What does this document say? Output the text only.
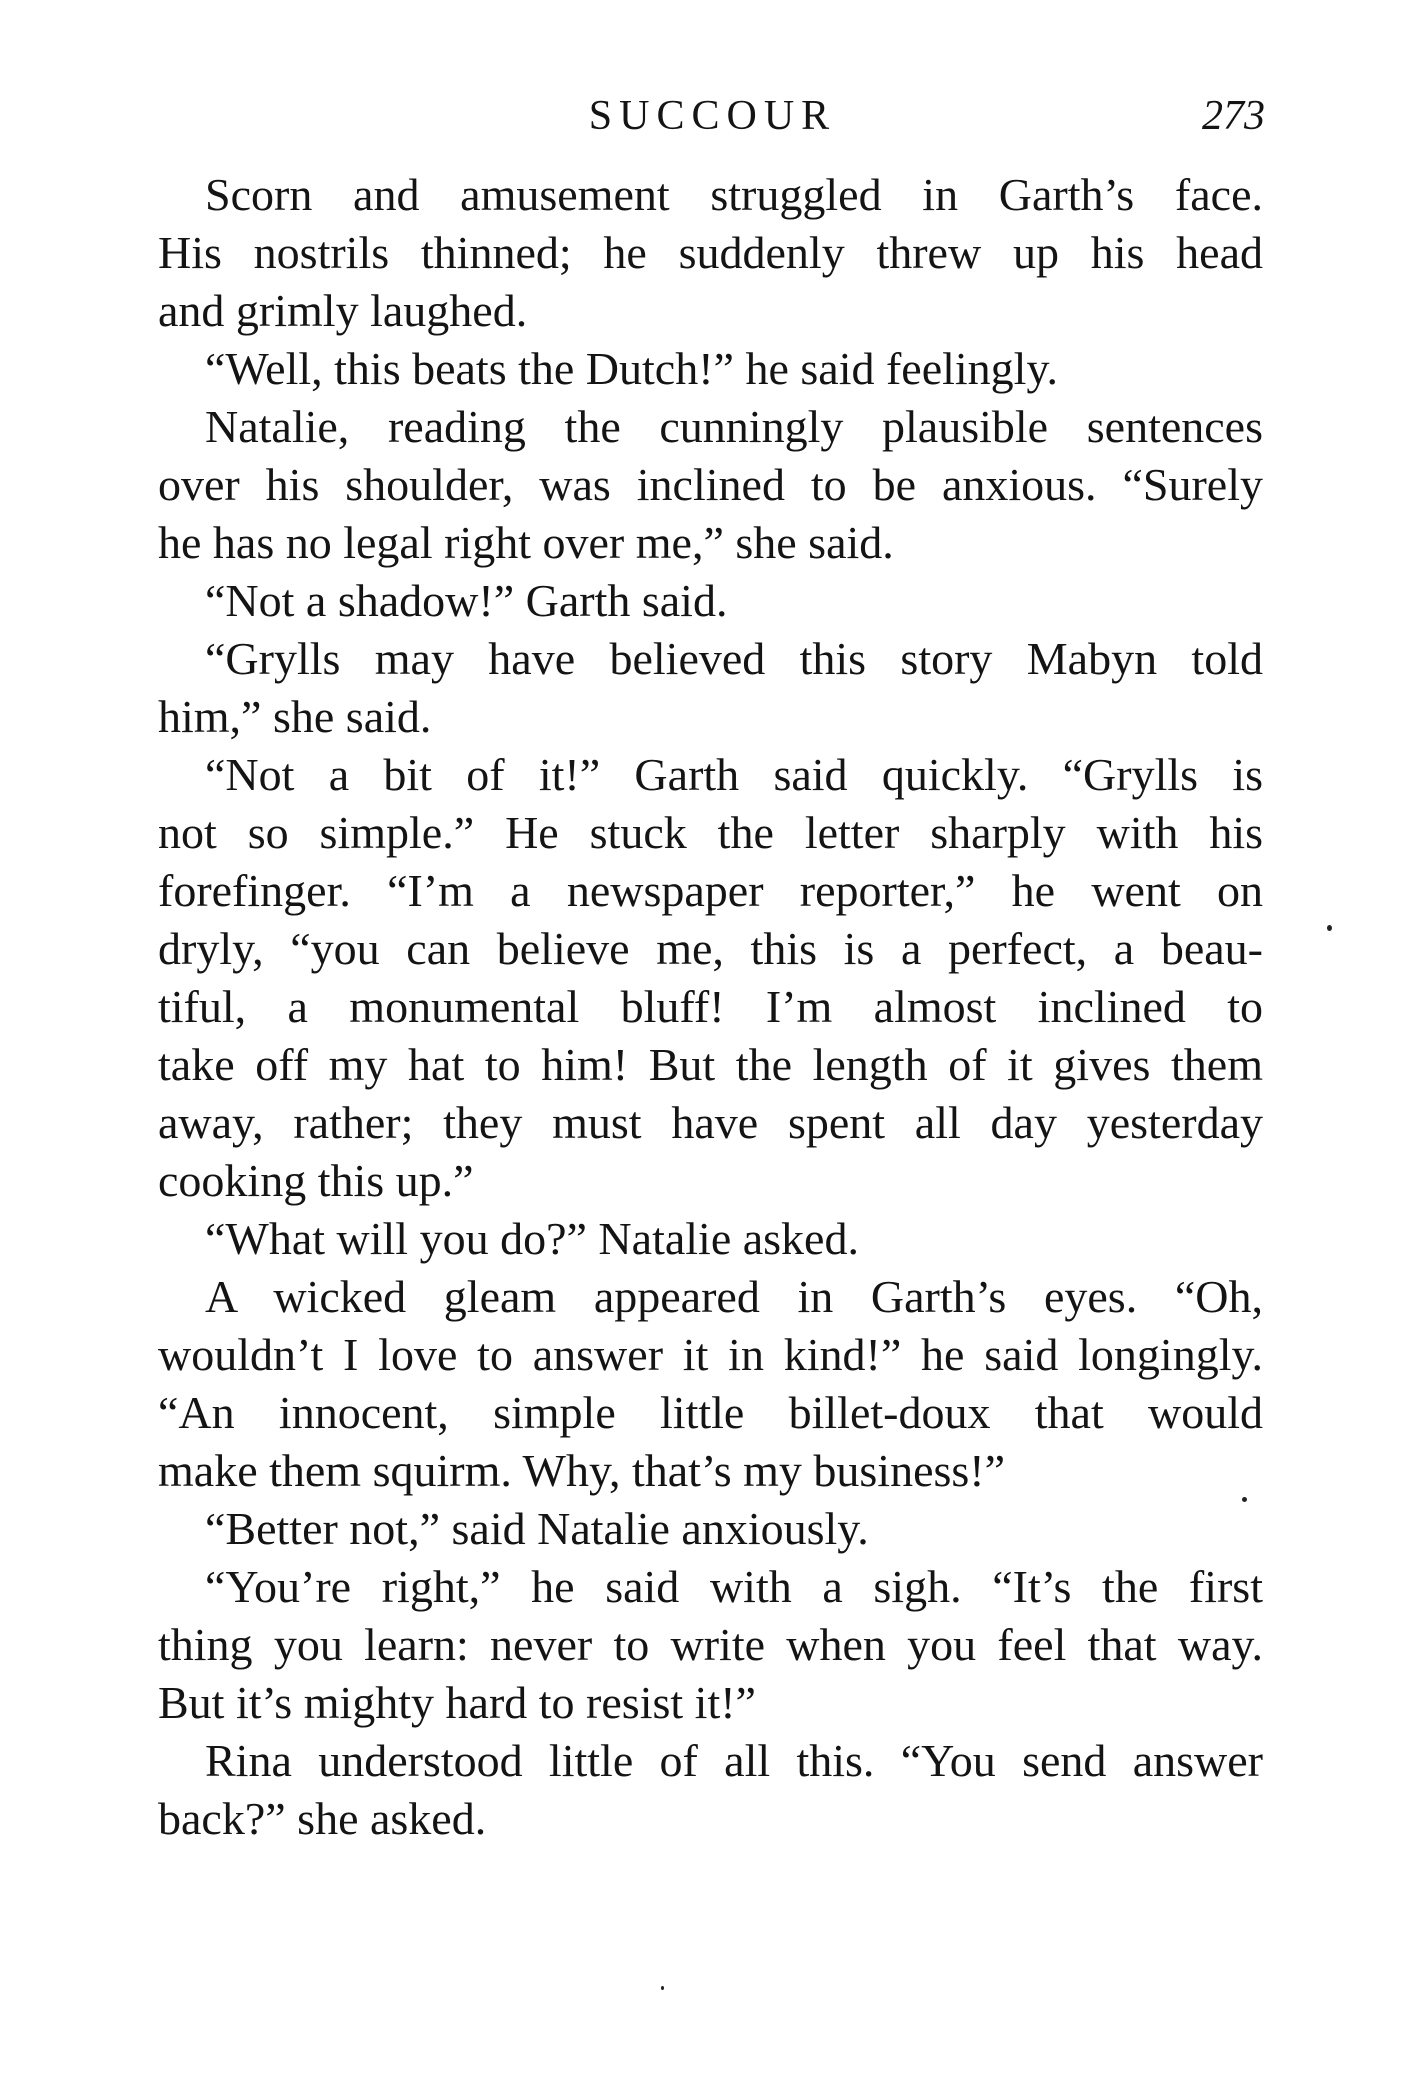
SUCCOUR	273
Scorn and amusement struggled in Garth’s face.
His nostrils thinned; he suddenly threw up his head
and grimly laughed.
“Well, this beats the Dutch!” he said feelingly.
Natalie, reading the cunningly plausible sentences
over his shoulder, was inclined to be anxious. “Surely
he has no legal right over me,” she said.
“Not a shadow!” Garth said.
“Grylls may have believed this story Mabyn told
him,” she said.
“Not a bit of it!” Garth said quickly. “Grylls is
not so simple.” He stuck the letter sharply with his
forefinger. “I’m a newspaper reporter,” he went on
dryly, “you can believe me, this is a perfect, a beau-
tiful, a monumental bluff! I’m almost inclined to
take off my hat to him! But the length of it gives them
away, rather; they must have spent all day yesterday
cooking this up.”
“What will you do?” Natalie asked.
A wicked gleam appeared in Garth’s eyes. “Oh,
wouldn’t I love to answer it in kind!” he said longingly.
“An innocent, simple little billet-doux that would
make them squirm. Why, that’s my business!”
“Better not,” said Natalie anxiously.
“You’re right,” he said with a sigh. “It’s the first
thing you learn: never to write when you feel that way.
But it’s mighty hard to resist it!”
Rina understood little of all this. “You send answer
back?” she asked.
